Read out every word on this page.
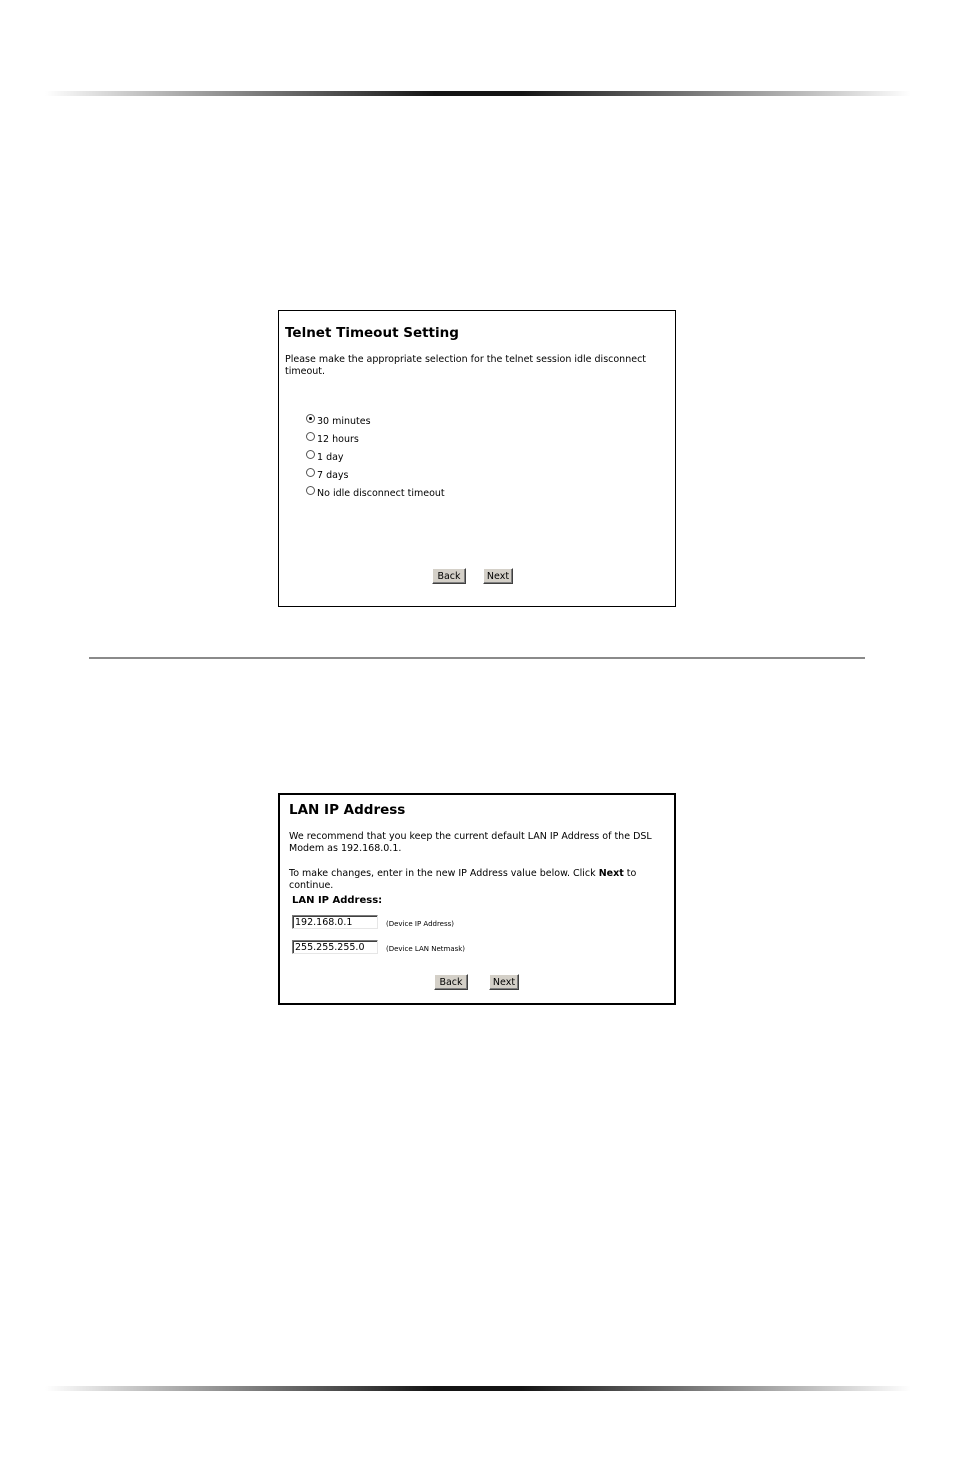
Telnet Timeout Setting

Please make the appropriate selection for the telnet session idle disconnect timeout.

30 minutes
12 hours
1 day
7 days
No idle disconnect timeout
Back	Next
LAN IP Address

We recommend that you keep the current default LAN IP Address of the DSL Modem as 192.168.0.1.

To make changes, enter in the new IP Address value below. Click Next to continue.

LAN IP Address:

192.168.0.1	(Device IP Address)
255.255.255.0	(Device LAN Netmask)
Back	Next
